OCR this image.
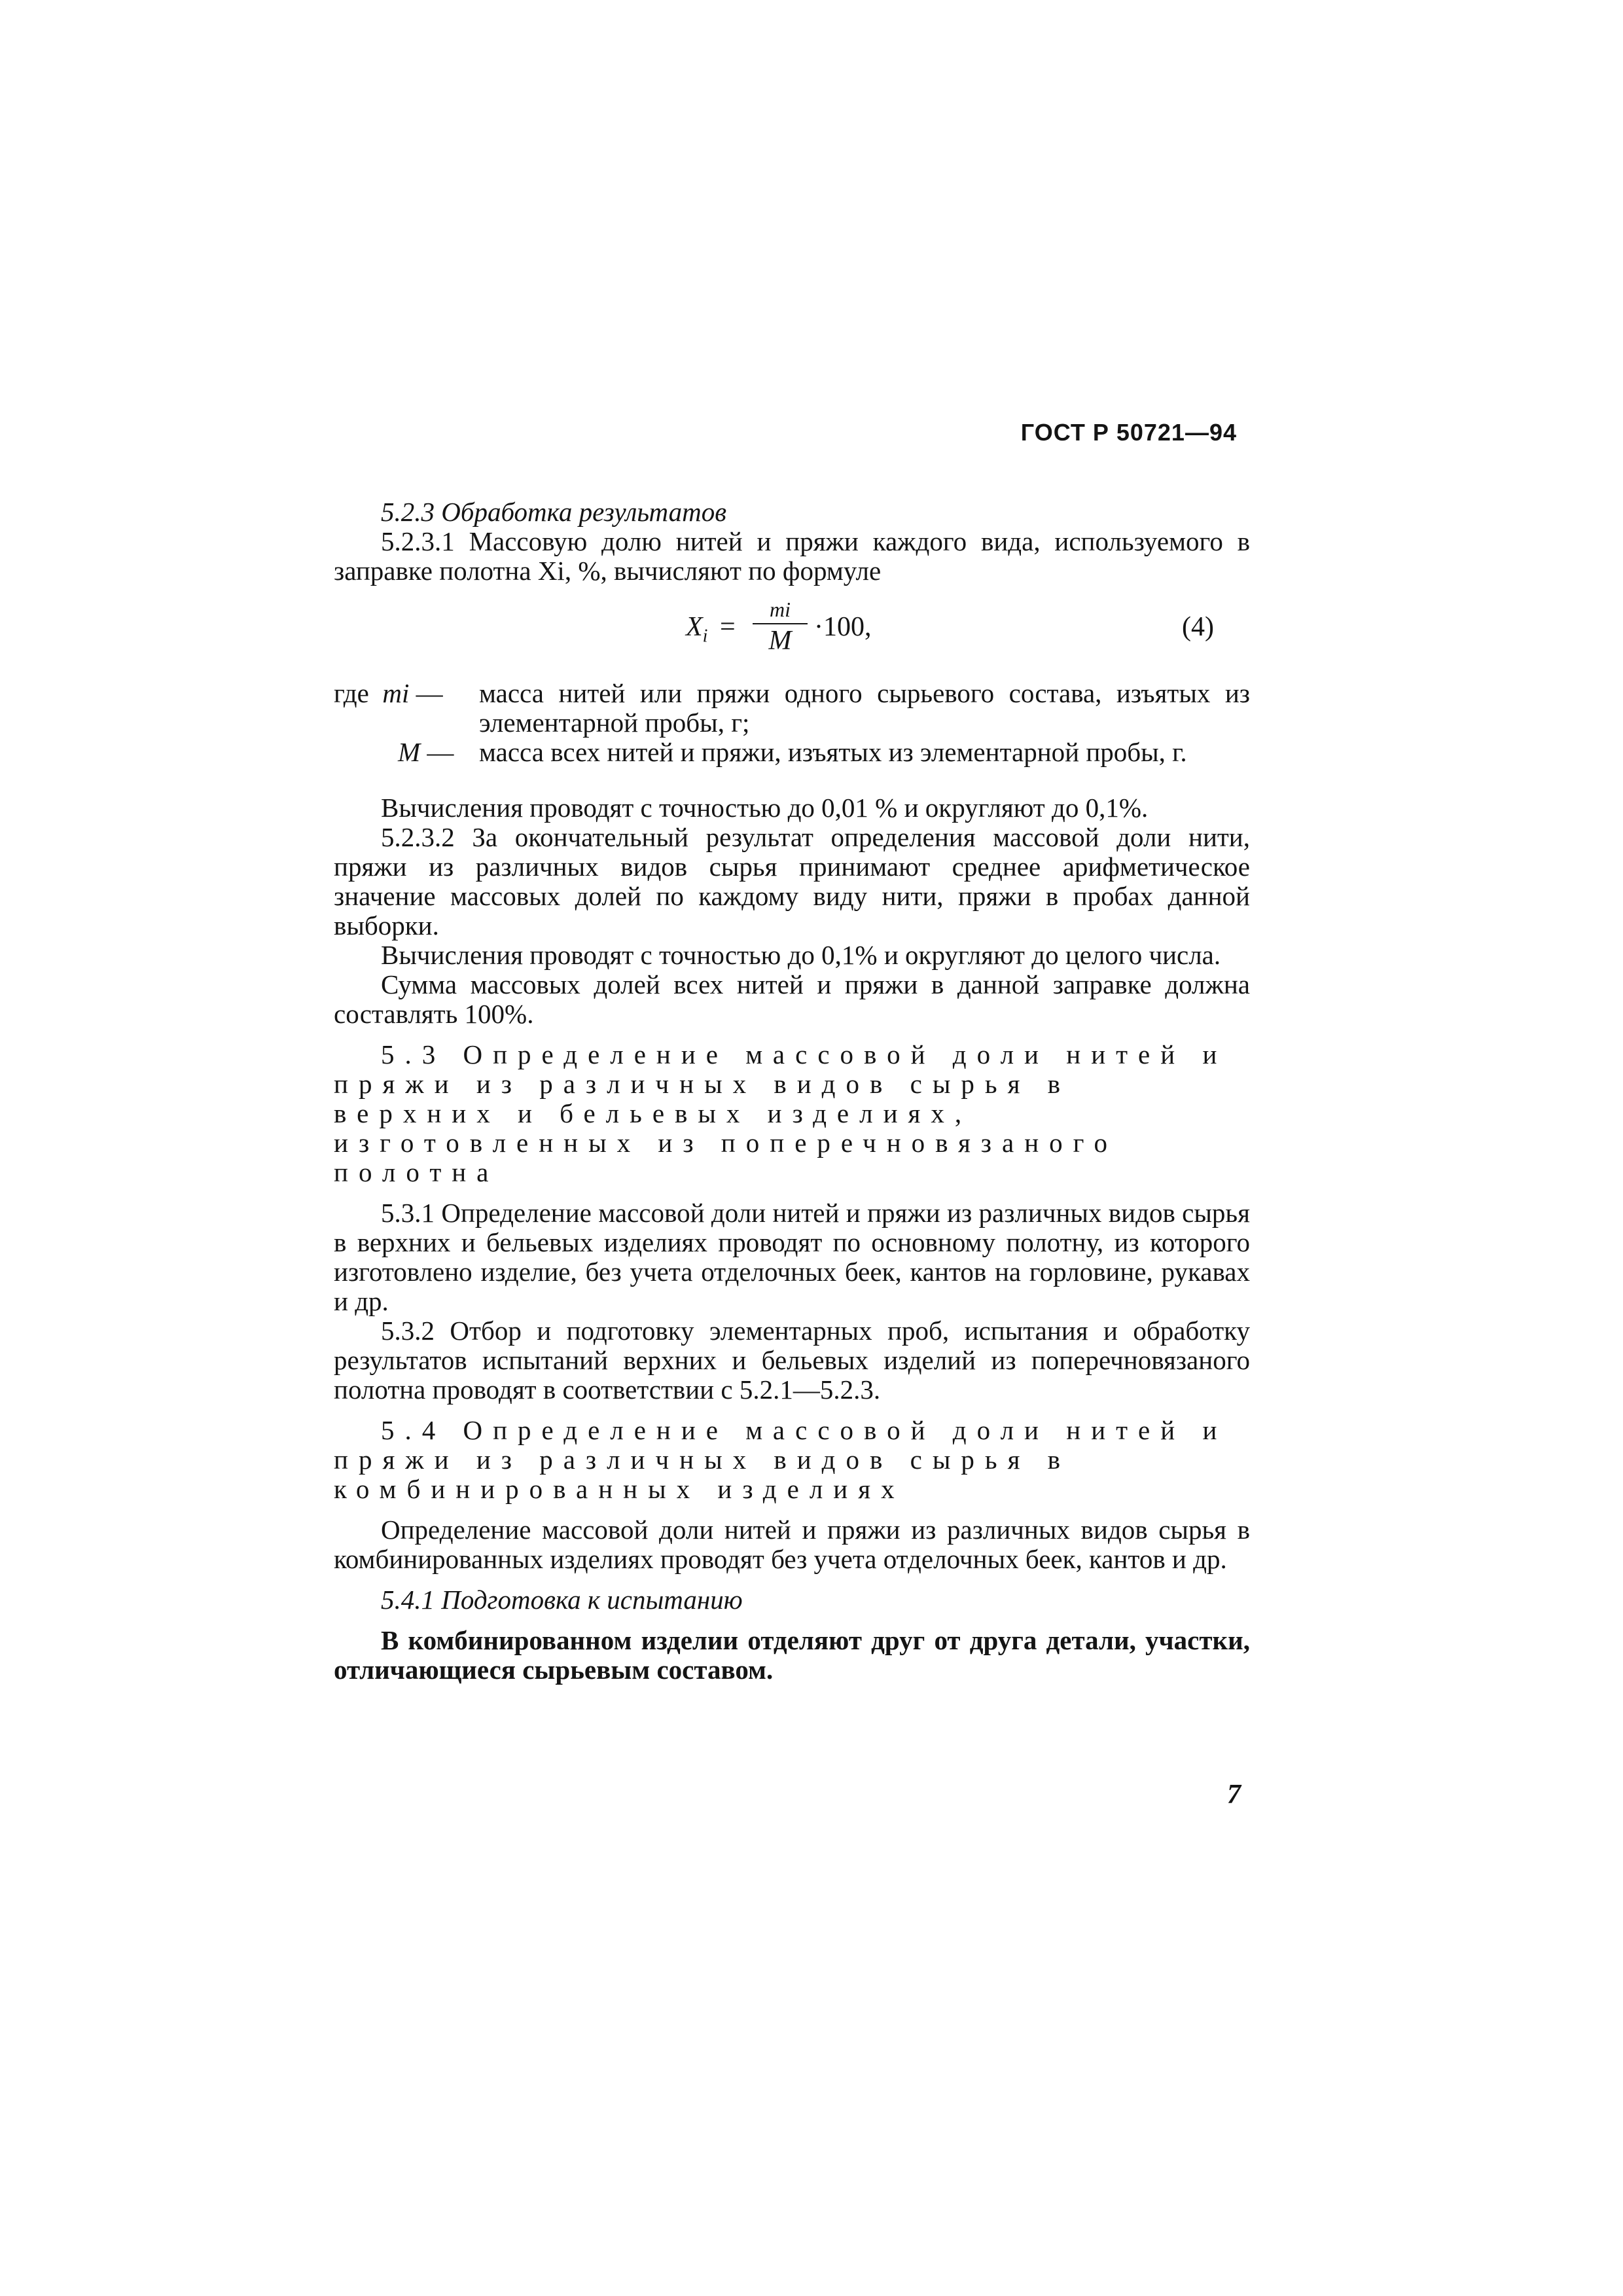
ГОСТ Р 50721—94

5.2.3 Обработка результатов

5.2.3.1 Массовую долю нитей и пряжи каждого вида, используемого в заправке полотна Xi, %, вычисляют по формуле

$X_i$ =
mi
M ·100,	(4)
где mi —	масса нитей или пряжи одного сырьевого состава, изъятых из элементарной пробы, г;
M — масса всех нитей и пряжи, изъятых из элементарной пробы, г.

Вычисления проводят с точностью до 0,01 % и округляют до 0,1%.

5.2.3.2 За окончательный результат определения массовой доли нити, пряжи из различных видов сырья принимают среднее арифметическое значение массовых долей по каждому виду нити, пряжи в пробах данной выборки.

Вычисления проводят с точностью до 0,1% и округляют до целого числа.

Сумма массовых долей всех нитей и пряжи в данной заправке должна составлять 100%.

5.3 Определение массовой доли нитей и пряжи из различных видов сырья в верхних и бельевых изделиях, изготовленных из поперечновязаного полотна

5.3.1 Определение массовой доли нитей и пряжи из различных видов сырья в верхних и бельевых изделиях проводят по основному полотну, из которого изготовлено изделие, без учета отделочных беек, кантов на горловине, рукавах и др.

5.3.2 Отбор и подготовку элементарных проб, испытания и обработку результатов испытаний верхних и бельевых изделий из поперечновязаного полотна проводят в соответствии с 5.2.1—5.2.3.

5.4 Определение массовой доли нитей и пряжи из различных видов сырья в комбинированных изделиях

Определение массовой доли нитей и пряжи из различных видов сырья в комбинированных изделиях проводят без учета отделочных беек, кантов и др.

5.4.1 Подготовка к испытанию

В комбинированном изделии отделяют друг от друга детали, участки, отличающиеся сырьевым составом.

7
